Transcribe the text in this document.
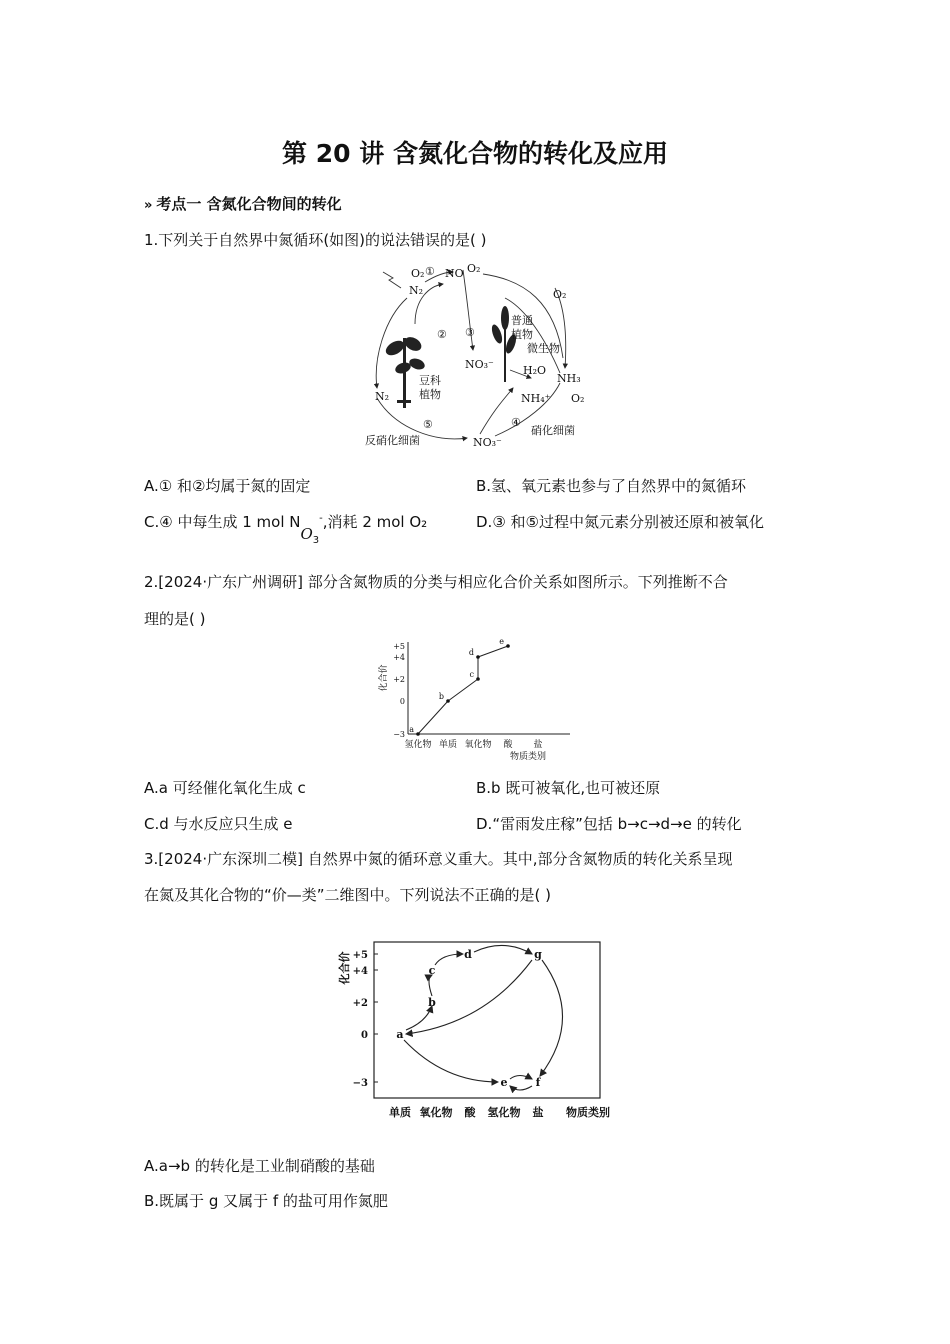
第 20 讲 含氮化合物的转化及应用
» 考点一 含氮化合物间的转化
1.下列关于自然界中氮循环(如图)的说法错误的是( )
O₂ ① NO O₂
N₂
② ③
普通
植物
微生物
O₂
NO₃⁻	H₂O
NH₃
NH₄⁺
豆科
植物
N₂
④
O₂
⑤	硝化细菌
反硝化细菌	NO₃⁻
A.① 和②均属于氮的固定	B.氢、氧元素也参与了自然界中的氮循环
C.④ 中每生成 1 mol NO3-,消耗 2 mol O₂	D.③ 和⑤过程中氮元素分别被还原和被氧化
2.[2024·广东广州调研] 部分含氮物质的分类与相应化合价关系如图所示。下列推断不合
理的是( )
化合价
物质类别
+5
+4
+2
0
−3
氢化物 单质 氧化物 酸 盐
a
b
c
d
e
A.a 可经催化氧化生成 c	B.b 既可被氧化,也可被还原
C.d 与水反应只生成 e	D.“雷雨发庄稼”包括 b→c→d→e 的转化
3.[2024·广东深圳二模] 自然界中氮的循环意义重大。其中,部分含氮物质的转化关系呈现
在氮及其化合物的“价—类”二维图中。下列说法不正确的是( )
化合价
物质类别
+5
+4
+2
0
−3
单质 氧化物 酸 氢化物 盐
a
b
c
d	g
e	f
A.a→b 的转化是工业制硝酸的基础
B.既属于 g 又属于 f 的盐可用作氮肥
